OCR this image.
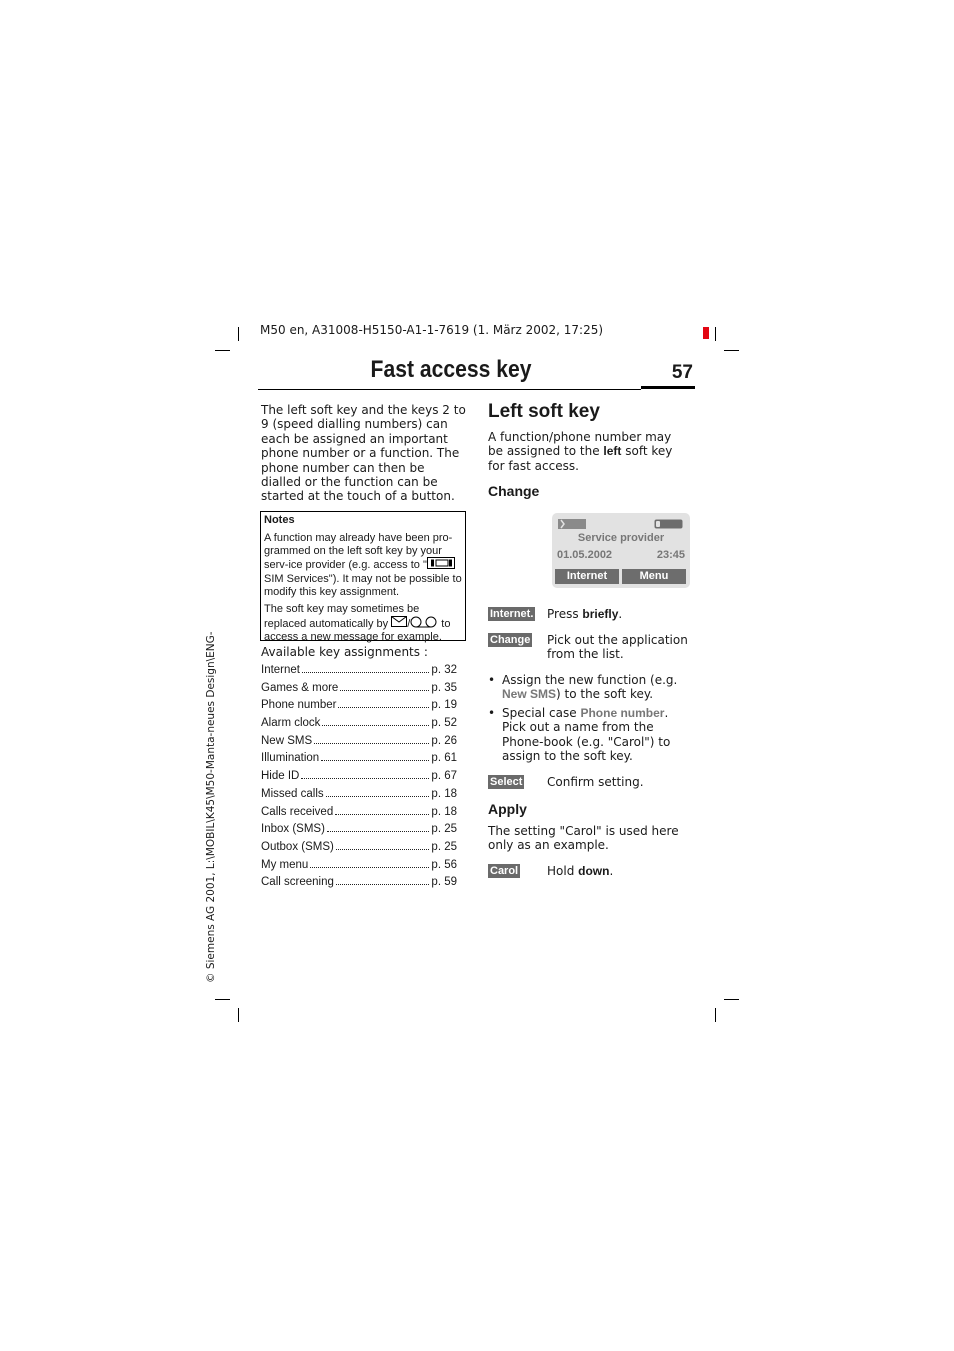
M50 en, A31008-H5150-A1-1-7619 (1. März 2002, 17:25)
Fast access key	57
© Siemens AG 2001, L:\MOBIL\K45\M50-Manta-neues Design\ENG-
The left soft key and the keys 2 to 9 (speed dialling numbers) can each be assigned an important phone number or a function. The phone number can then be dialled or the function can be started at the touch of a button.
Notes

A function may already have been pro-grammed on the left soft key by your serv-ice provider (e.g. access to " SIM Services"). It may not be possible to modify this key assignment.

The soft key may sometimes be replaced automatically by /	to access a new message for example.

Available key assignments :
Internet	p. 32
Games & more	p. 35
Phone number	p. 19
Alarm clock	p. 52
New SMS	p. 26
Illumination	p. 61
Hide ID	p. 67
Missed calls	p. 18
Calls received	p. 18
Inbox (SMS)	p. 25
Outbox (SMS)	p. 25
My menu	p. 56
Call screening	p. 59
Left soft key
A function/phone number may be assigned to the left soft key for fast access.
Change
Service provider
01.05.2002	23:45
Internet	Menu
Internet. Press briefly.
Change Pick out the application from the list.
• Assign the new function (e.g. New SMS) to the soft key.
• Special case Phone number.
Pick out a name from the Phone-book (e.g. "Carol") to assign to the soft key.
Select Confirm setting.
Apply
The setting "Carol" is used here only as an example.
Carol Hold down.
